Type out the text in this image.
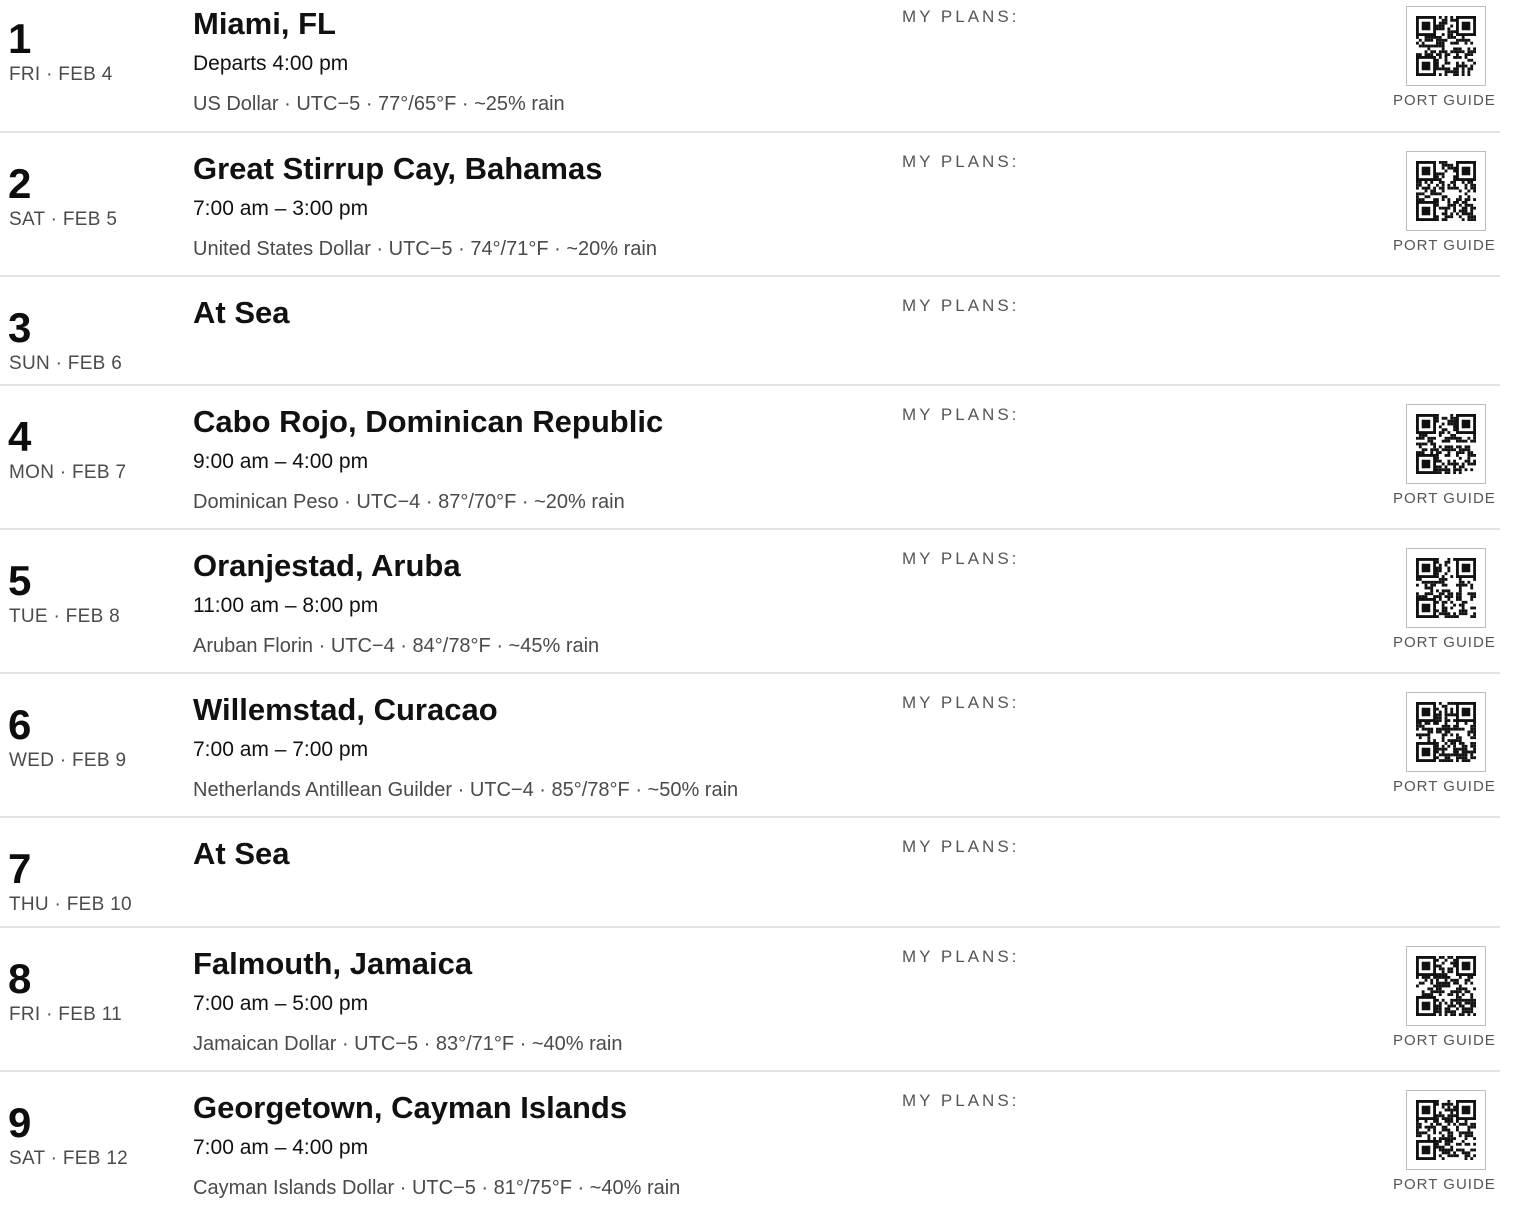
1
FRI · FEB 4
Miami, FL
Departs 4:00 pm
US Dollar · UTC−5 · 77°/65°F · ~25% rain
MY PLANS:
PORT GUIDE
2
SAT · FEB 5
Great Stirrup Cay, Bahamas
7:00 am – 3:00 pm
United States Dollar · UTC−5 · 74°/71°F · ~20% rain
MY PLANS:
PORT GUIDE
3
SUN · FEB 6
At Sea	MY PLANS:
4
MON · FEB 7
Cabo Rojo, Dominican Republic
9:00 am – 4:00 pm
Dominican Peso · UTC−4 · 87°/70°F · ~20% rain
MY PLANS:
PORT GUIDE
5
TUE · FEB 8
Oranjestad, Aruba
11:00 am – 8:00 pm
Aruban Florin · UTC−4 · 84°/78°F · ~45% rain
MY PLANS:
PORT GUIDE
6
WED · FEB 9
Willemstad, Curacao
7:00 am – 7:00 pm
Netherlands Antillean Guilder · UTC−4 · 85°/78°F · ~50% rain
MY PLANS:
PORT GUIDE
7
THU · FEB 10
At Sea	MY PLANS:
8
FRI · FEB 11
Falmouth, Jamaica
7:00 am – 5:00 pm
Jamaican Dollar · UTC−5 · 83°/71°F · ~40% rain
MY PLANS:
PORT GUIDE
9
SAT · FEB 12
Georgetown, Cayman Islands
7:00 am – 4:00 pm
Cayman Islands Dollar · UTC−5 · 81°/75°F · ~40% rain
MY PLANS:
PORT GUIDE
